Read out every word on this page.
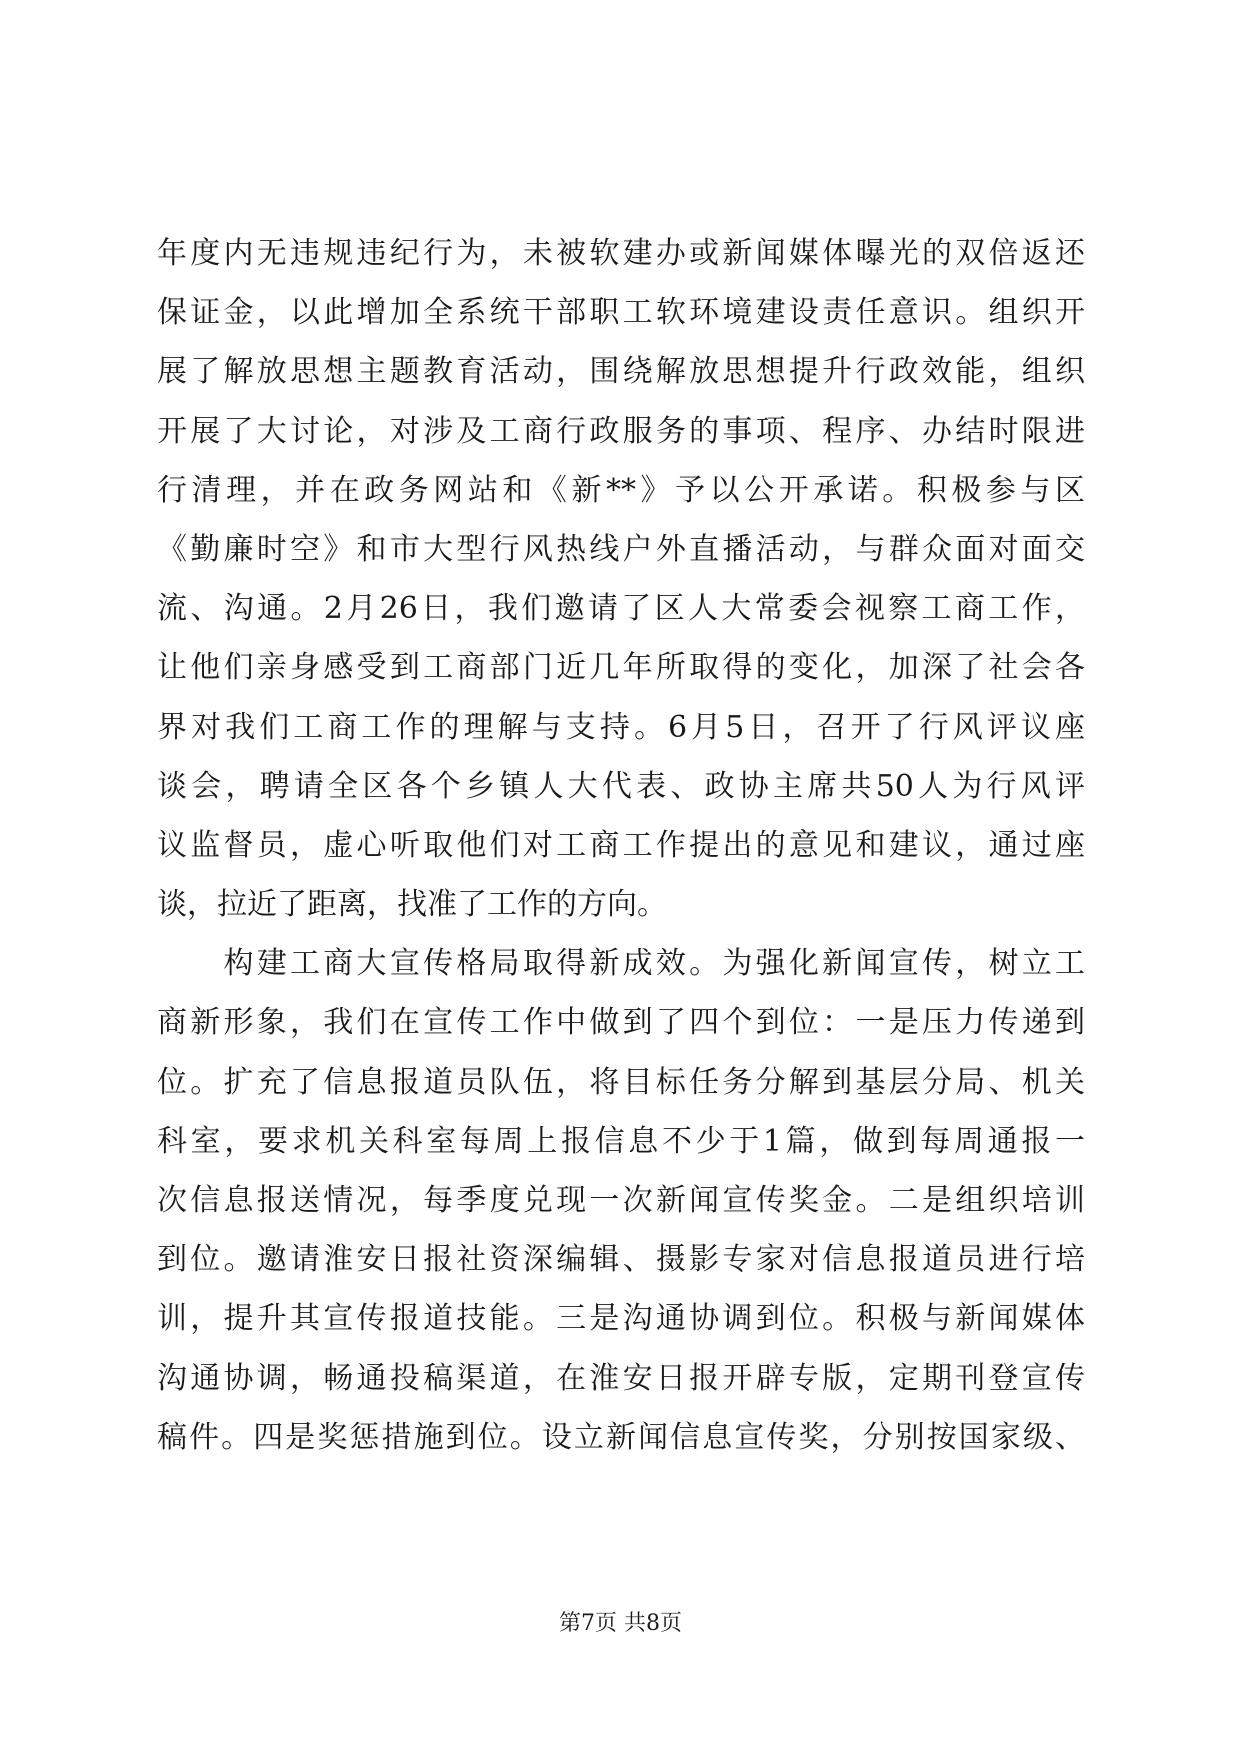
年度内无违规违纪行为，未被软建办或新闻媒体曝光的双倍返还
保证金，以此增加全系统干部职工软环境建设责任意识。组织开
展了解放思想主题教育活动，围绕解放思想提升行政效能，组织
开展了大讨论，对涉及工商行政服务的事项、程序、办结时限进
行清理，并在政务网站和《新**》予以公开承诺。积极参与区
《勤廉时空》和市大型行风热线户外直播活动，与群众面对面交
流、沟通。2月26日，我们邀请了区人大常委会视察工商工作，
让他们亲身感受到工商部门近几年所取得的变化，加深了社会各
界对我们工商工作的理解与支持。6月5日，召开了行风评议座
谈会，聘请全区各个乡镇人大代表、政协主席共50人为行风评
议监督员，虚心听取他们对工商工作提出的意见和建议，通过座
谈，拉近了距离，找准了工作的方向。
　　构建工商大宣传格局取得新成效。为强化新闻宣传，树立工
商新形象，我们在宣传工作中做到了四个到位：一是压力传递到
位。扩充了信息报道员队伍，将目标任务分解到基层分局、机关
科室，要求机关科室每周上报信息不少于1篇，做到每周通报一
次信息报送情况，每季度兑现一次新闻宣传奖金。二是组织培训
到位。邀请淮安日报社资深编辑、摄影专家对信息报道员进行培
训，提升其宣传报道技能。三是沟通协调到位。积极与新闻媒体
沟通协调，畅通投稿渠道，在淮安日报开辟专版，定期刊登宣传
稿件。四是奖惩措施到位。设立新闻信息宣传奖，分别按国家级、
第7页 共8页
